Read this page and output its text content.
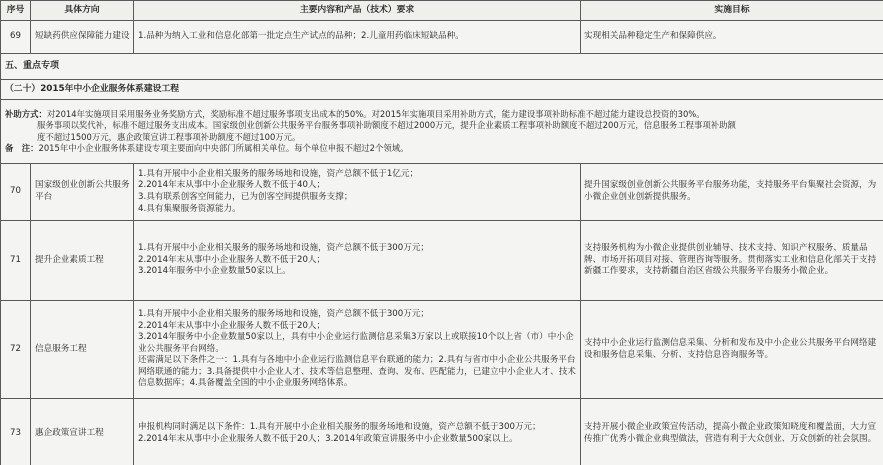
序号	具体方向	主要内容和产品（技术）要求	实施目标
69	短缺药供应保障能力建设	1.品种为纳入工业和信息化部第一批定点生产试点的品种；2.儿童用药临床短缺品种。	实现相关品种稳定生产和保障供应。
五、重点专项			
（二十）2015年中小企业服务体系建设工程			

补助方式：对2014年实施项目采用服务业务奖励方式，奖励标准不超过服务事项支出成本的50%。对2015年实施项目采用补助方式，能力建设事项补助标准不超过能力建设总投资的30%。
服务事项以奖代补，标准不超过服务支出成本。国家级创业创新公共服务平台服务事项补助额度不超过2000万元，提升企业素质工程事项补助额度不超过200万元，信息服务工程事项补助额
度不超过1500万元，惠企政策宣讲工程事项补助额度不超过100万元。
备　注：2015年中小企业服务体系建设专项主要面向中央部门所属相关单位。每个单位申报不超过2个领域。			

70	国家级创业创新公共服务平台	1.具有开展中小企业相关服务的服务场地和设施，资产总额不低于1亿元；
2.2014年末从事中小企业服务人数不低于40人；
3.具有联系创客空间能力，已为创客空间提供服务支撑；
4.具有集聚服务资源能力。	提升国家级创业创新公共服务平台服务功能，支持服务平台集聚社会资源，为小微企业创业创新提供服务。
71	提升企业素质工程	1.具有开展中小企业相关服务的服务场地和设施，资产总额不低于300万元；
2.2014年末从事中小企业服务人数不低于20人；
3.2014年服务中小企业数量50家以上。	支持服务机构为小微企业提供创业辅导、技术支持、知识产权服务、质量品牌、市场开拓项目对接、管理咨询等服务。贯彻落实工业和信息化部关于支持新疆工作要求，支持新疆自治区省级公共服务平台服务小微企业。
72	信息服务工程	1.具有开展中小企业相关服务的服务场地和设施，资产总额不低于300万元；
2.2014年末从事中小企业服务人数不低于20人；
3.2014年服务中小企业数量50家以上，具有中小企业运行监测信息采集3万家以上或联接10个以上省（市）中小企业公共服务平台网络。
还需满足以下条件之一：1.具有与各地中小企业运行监测信息平台联通的能力；2.具有与省市中小企业公共服务平台网络联通的能力；3.具备提供中小企业人才、技术等信息整理、查询、发布、匹配能力，已建立中小企业人才、技术信息数据库；4.具备覆盖全国的中小企业服务网络体系。	支持中小企业运行监测信息采集、分析和发布及中小企业公共服务平台网络建设和服务信息采集、分析、支持信息咨询服务等。
73	惠企政策宣讲工程	申报机构同时满足以下条件：1.具有开展中小企业相关服务的服务场地和设施，资产总额不低于300万元；
2.2014年末从事中小企业服务人数不低于20人；3.2014年政策宣讲服务中小企业数量500家以上。	支持开展小微企业政策宣传活动，提高小微企业政策知晓度和覆盖面，大力宣传推广优秀小微企业典型做法，营造有利于大众创业、万众创新的社会氛围。
